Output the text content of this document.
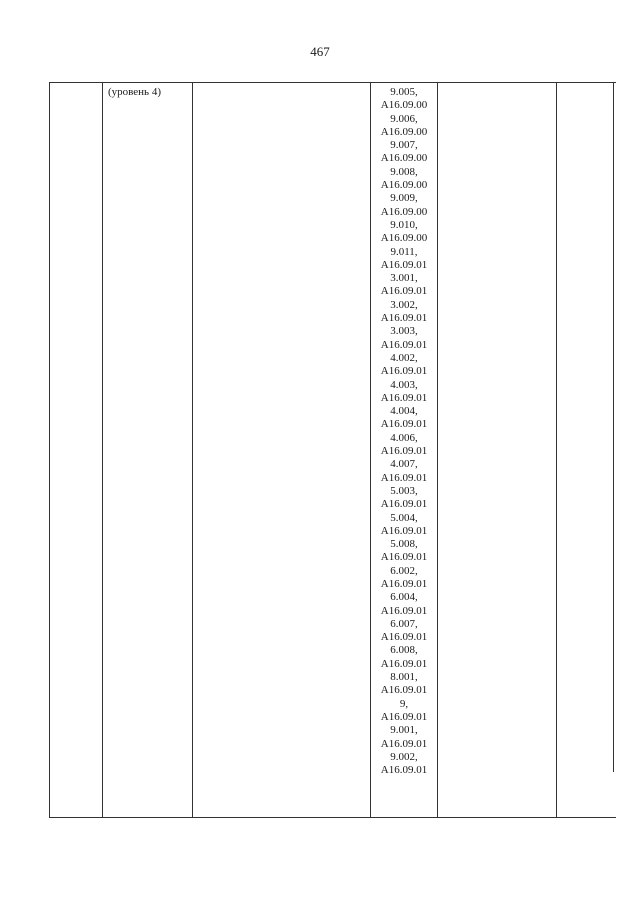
467
	(уровень 4)		9.005,
A16.09.00
9.006,
A16.09.00
9.007,
A16.09.00
9.008,
A16.09.00
9.009,
A16.09.00
9.010,
A16.09.00
9.011,
A16.09.01
3.001,
A16.09.01
3.002,
A16.09.01
3.003,
A16.09.01
4.002,
A16.09.01
4.003,
A16.09.01
4.004,
A16.09.01
4.006,
A16.09.01
4.007,
A16.09.01
5.003,
A16.09.01
5.004,
A16.09.01
5.008,
A16.09.01
6.002,
A16.09.01
6.004,
A16.09.01
6.007,
A16.09.01
6.008,
A16.09.01
8.001,
A16.09.01
9,
A16.09.01
9.001,
A16.09.01
9.002,
A16.09.01
